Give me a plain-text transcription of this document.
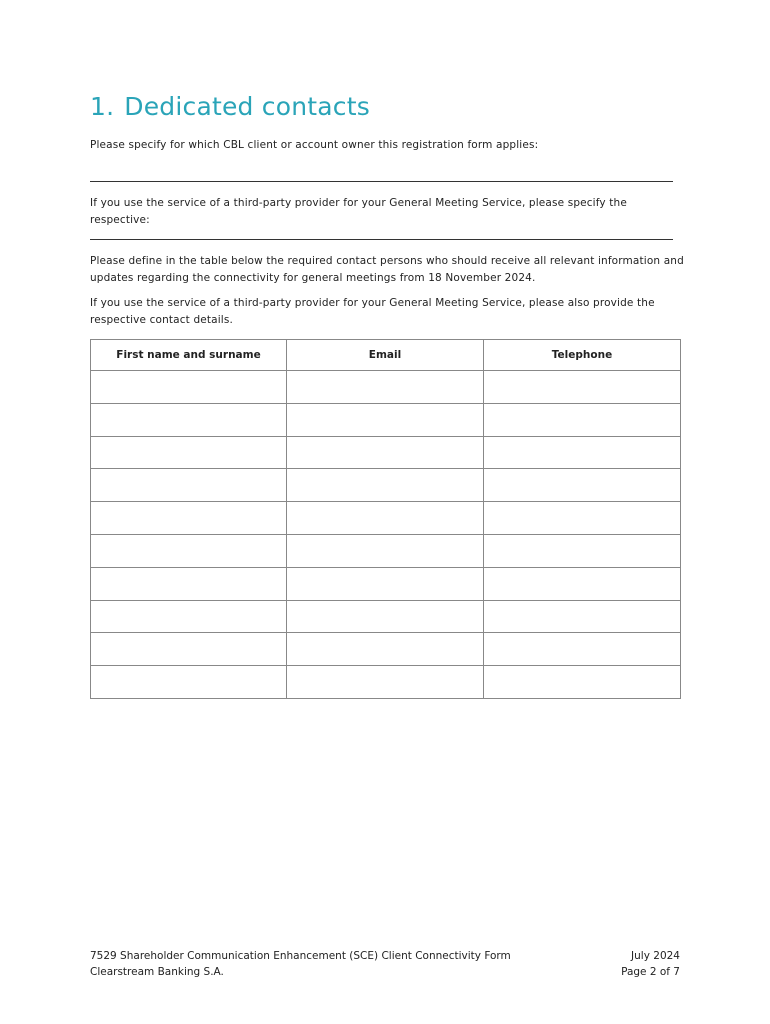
1. Dedicated contacts

Please specify for which CBL client or account owner this registration form applies:

If you use the service of a third-party provider for your General Meeting Service, please specify the respective:

Please define in the table below the required contact persons who should receive all relevant information and updates regarding the connectivity for general meetings from 18 November 2024.

If you use the service of a third-party provider for your General Meeting Service, please also provide the respective contact details.

First name and surname	Email	Telephone

7529 Shareholder Communication Enhancement (SCE) Client Connectivity Form
Clearstream Banking S.A.
July 2024
Page 2 of 7
